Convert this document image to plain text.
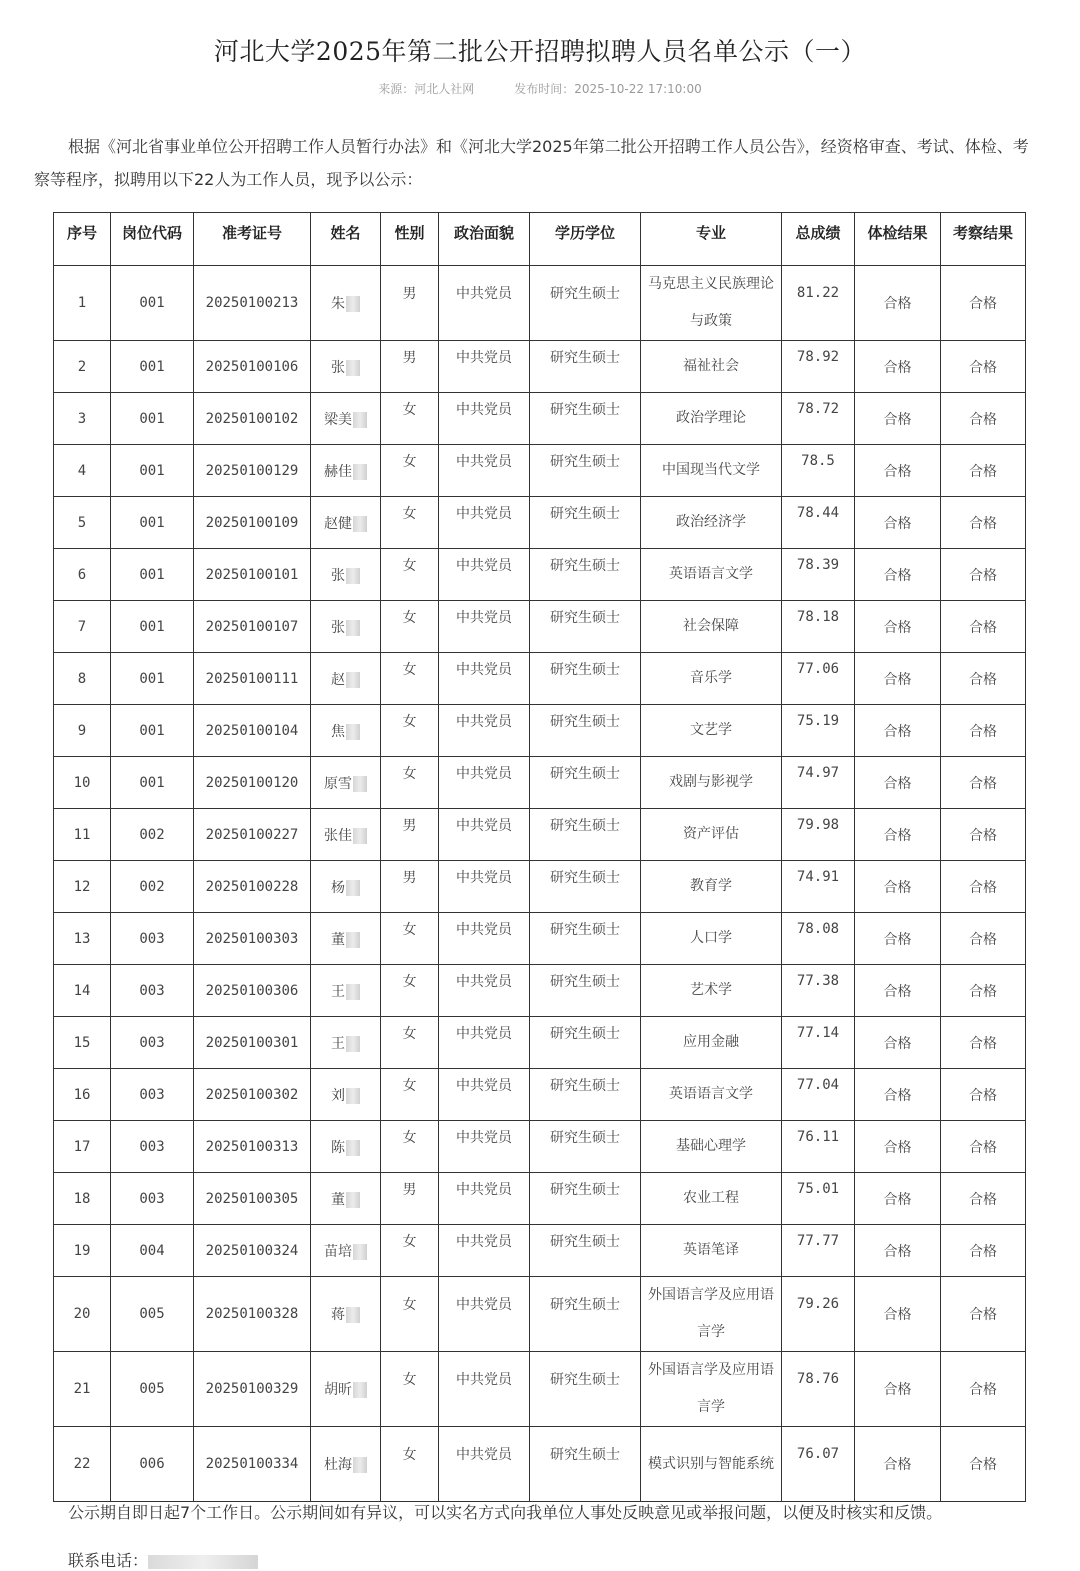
河北大学2025年第二批公开招聘拟聘人员名单公示（一）
来源：河北人社网	发布时间：2025-10-22 17:10:00
根据《河北省事业单位公开招聘工作人员暂行办法》和《河北大学2025年第二批公开招聘工作人员公告》，经资格审查、考试、体检、考察等程序，拟聘用以下22人为工作人员，现予以公示：
序号	岗位代码	准考证号	姓名	性别	政治面貌	学历学位	专业	总成绩	体检结果	考察结果
1	001	20250100213	朱	男	中共党员	研究生硕士	马克思主义民族理论与政策	81.22	合格	合格
2	001	20250100106	张	男	中共党员	研究生硕士	福祉社会	78.92	合格	合格
3	001	20250100102	梁美	女	中共党员	研究生硕士	政治学理论	78.72	合格	合格
4	001	20250100129	赫佳	女	中共党员	研究生硕士	中国现当代文学	78.5	合格	合格
5	001	20250100109	赵健	女	中共党员	研究生硕士	政治经济学	78.44	合格	合格
6	001	20250100101	张	女	中共党员	研究生硕士	英语语言文学	78.39	合格	合格
7	001	20250100107	张	女	中共党员	研究生硕士	社会保障	78.18	合格	合格
8	001	20250100111	赵	女	中共党员	研究生硕士	音乐学	77.06	合格	合格
9	001	20250100104	焦	女	中共党员	研究生硕士	文艺学	75.19	合格	合格
10	001	20250100120	原雪	女	中共党员	研究生硕士	戏剧与影视学	74.97	合格	合格
11	002	20250100227	张佳	男	中共党员	研究生硕士	资产评估	79.98	合格	合格
12	002	20250100228	杨	男	中共党员	研究生硕士	教育学	74.91	合格	合格
13	003	20250100303	董	女	中共党员	研究生硕士	人口学	78.08	合格	合格
14	003	20250100306	王	女	中共党员	研究生硕士	艺术学	77.38	合格	合格
15	003	20250100301	王	女	中共党员	研究生硕士	应用金融	77.14	合格	合格
16	003	20250100302	刘	女	中共党员	研究生硕士	英语语言文学	77.04	合格	合格
17	003	20250100313	陈	女	中共党员	研究生硕士	基础心理学	76.11	合格	合格
18	003	20250100305	董	男	中共党员	研究生硕士	农业工程	75.01	合格	合格
19	004	20250100324	苗培	女	中共党员	研究生硕士	英语笔译	77.77	合格	合格
20	005	20250100328	蒋	女	中共党员	研究生硕士	外国语言学及应用语言学	79.26	合格	合格
21	005	20250100329	胡昕	女	中共党员	研究生硕士	外国语言学及应用语言学	78.76	合格	合格
22	006	20250100334	杜海	女	中共党员	研究生硕士	模式识别与智能系统	76.07	合格	合格
公示期自即日起7个工作日。公示期间如有异议，可以实名方式向我单位人事处反映意见或举报问题，以便及时核实和反馈。
联系电话：
